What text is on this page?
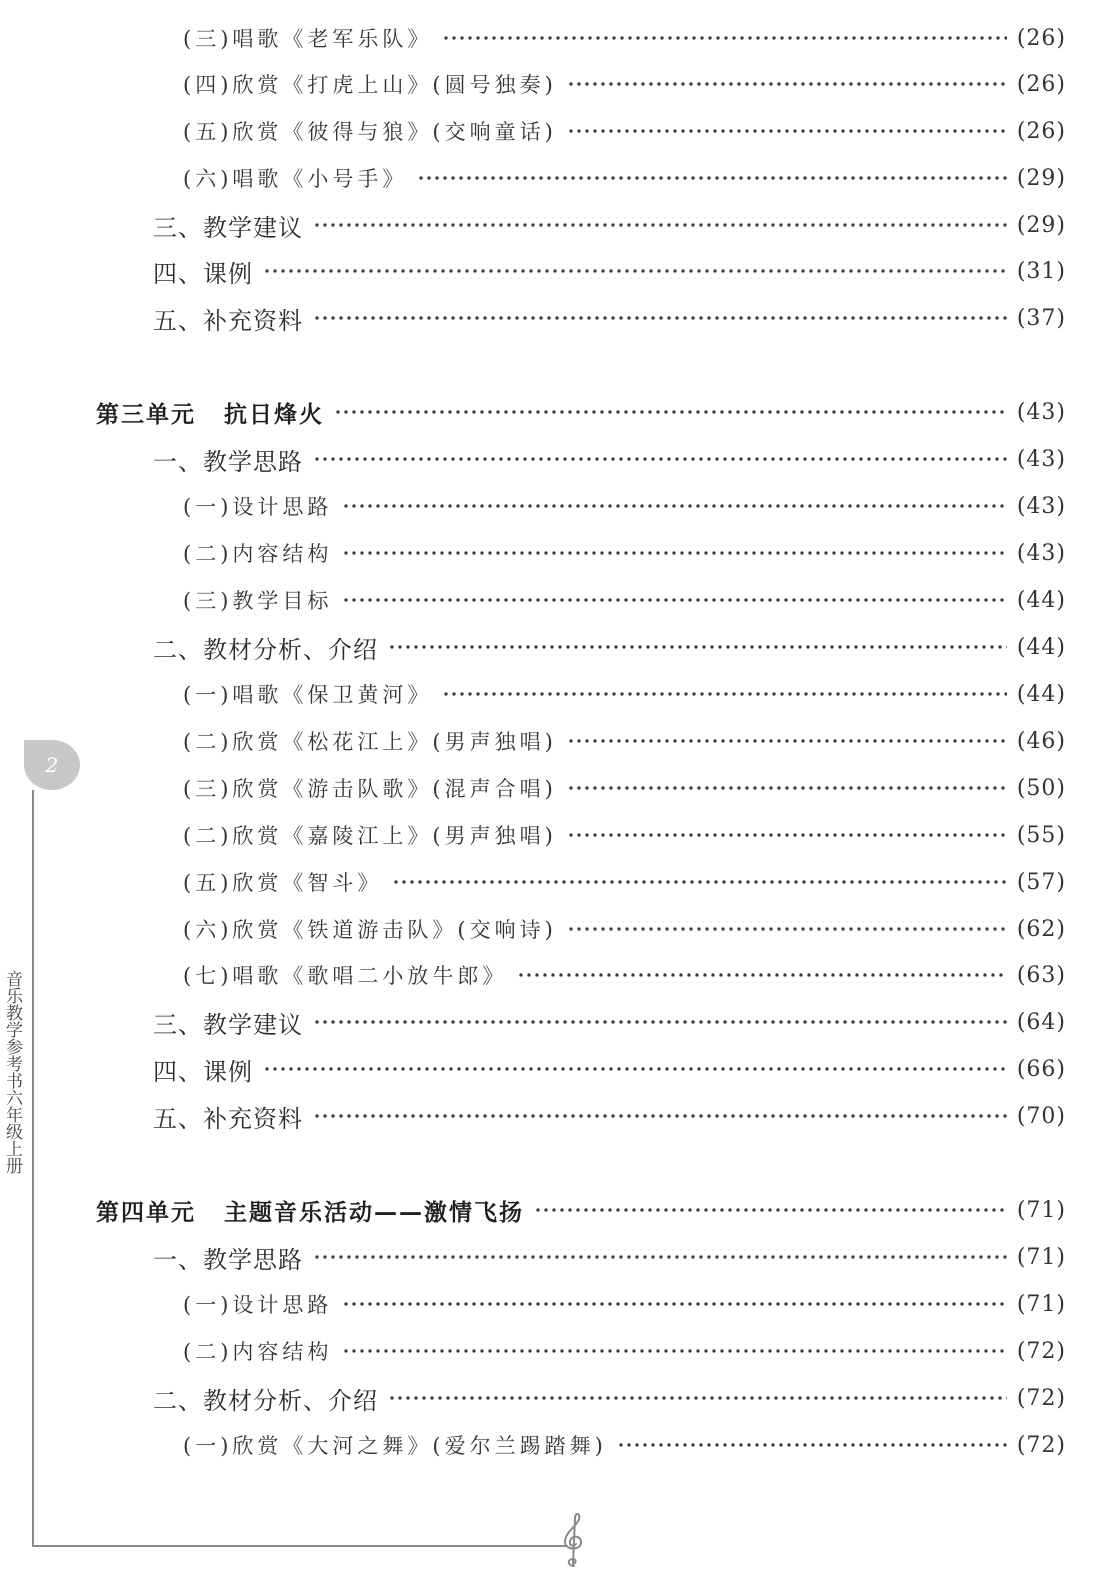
(三)唱歌《老军乐队》	(26)
(四)欣赏《打虎上山》(圆号独奏)	(26)
(五)欣赏《彼得与狼》(交响童话)	(26)
(六)唱歌《小号手》	(29)
三、教学建议	(29)
四、课例	(31)
五、补充资料	(37)
第三单元 抗日烽火	(43)
一、教学思路	(43)
(一)设计思路	(43)
(二)内容结构	(43)
(三)教学目标	(44)
二、教材分析、介绍	(44)
(一)唱歌《保卫黄河》	(44)
(二)欣赏《松花江上》(男声独唱)	(46)
(三)欣赏《游击队歌》(混声合唱)	(50)
(二)欣赏《嘉陵江上》(男声独唱)	(55)
(五)欣赏《智斗》	(57)
(六)欣赏《铁道游击队》(交响诗)	(62)
(七)唱歌《歌唱二小放牛郎》	(63)
三、教学建议	(64)
四、课例	(66)
五、补充资料	(70)
第四单元 主题音乐活动——激情飞扬	(71)
一、教学思路	(71)
(一)设计思路	(71)
(二)内容结构	(72)
二、教材分析、介绍	(72)
(一)欣赏《大河之舞》(爱尔兰踢踏舞)	(72)
2
音乐教学参考书六年级上册
